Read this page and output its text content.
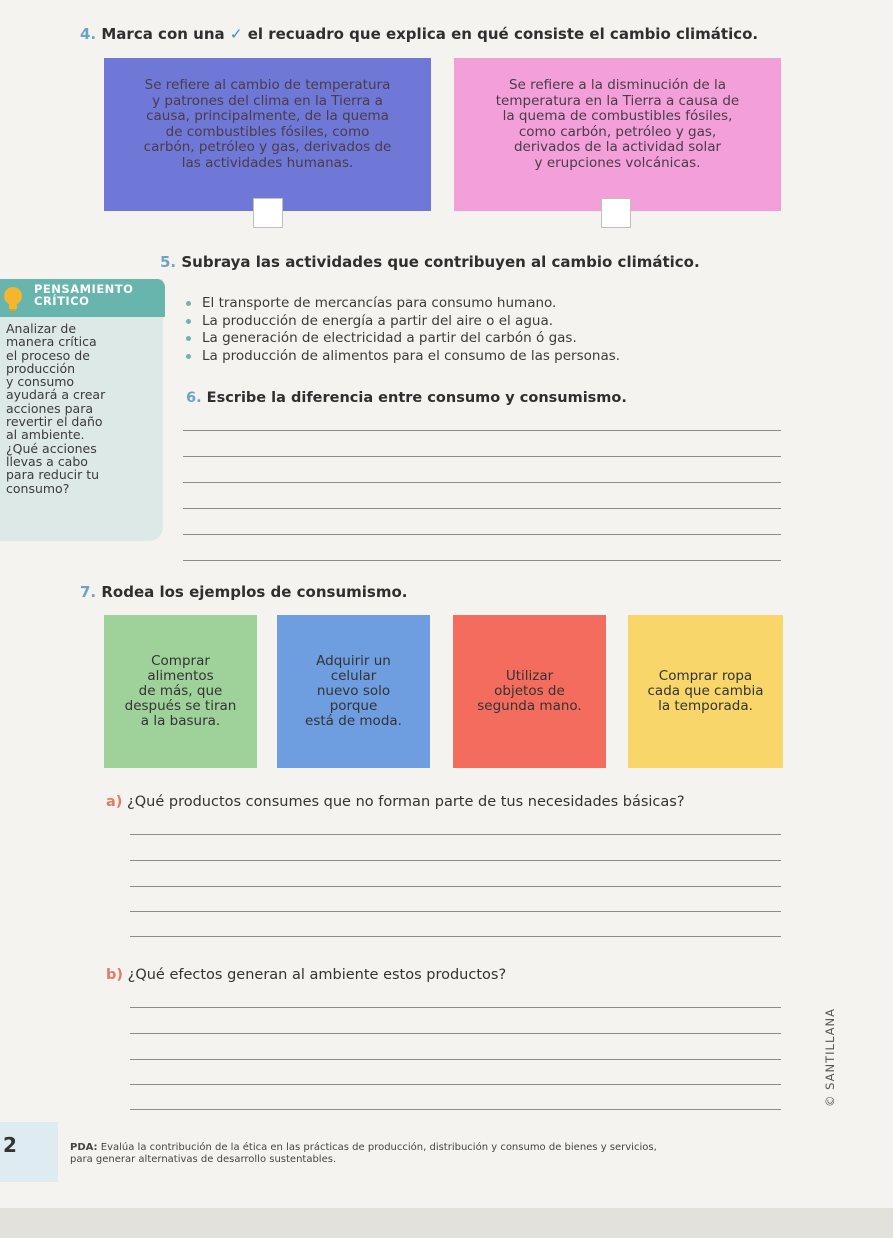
4. Marca con una ✓ el recuadro que explica en qué consiste el cambio climático.
Se refiere al cambio de temperatura
y patrones del clima en la Tierra a
causa, principalmente, de la quema
de combustibles fósiles, como
carbón, petróleo y gas, derivados de
las actividades humanas.
Se refiere a la disminución de la
temperatura en la Tierra a causa de
la quema de combustibles fósiles,
como carbón, petróleo y gas,
derivados de la actividad solar
y erupciones volcánicas.
5. Subraya las actividades que contribuyen al cambio climático.
PENSAMIENTO
CRÍTICO
Analizar de
manera crítica
el proceso de
producción
y consumo
ayudará a crear
acciones para
revertir el daño
al ambiente.
¿Qué acciones
llevas a cabo
para reducir tu
consumo?
El transporte de mercancías para consumo humano.
La producción de energía a partir del aire o el agua.
La generación de electricidad a partir del carbón ó gas.
La producción de alimentos para el consumo de las personas.
6. Escribe la diferencia entre consumo y consumismo.
7. Rodea los ejemplos de consumismo.
Comprar
alimentos
de más, que
después se tiran
a la basura.
Adquirir un
celular
nuevo solo
porque
está de moda.
Utilizar
objetos de
segunda mano.
Comprar ropa
cada que cambia
la temporada.
a) ¿Qué productos consumes que no forman parte de tus necesidades básicas?
b) ¿Qué efectos generan al ambiente estos productos?
© SANTILLANA
2	PDA: Evalúa la contribución de la ética en las prácticas de producción, distribución y consumo de bienes y servicios,
para generar alternativas de desarrollo sustentables.
